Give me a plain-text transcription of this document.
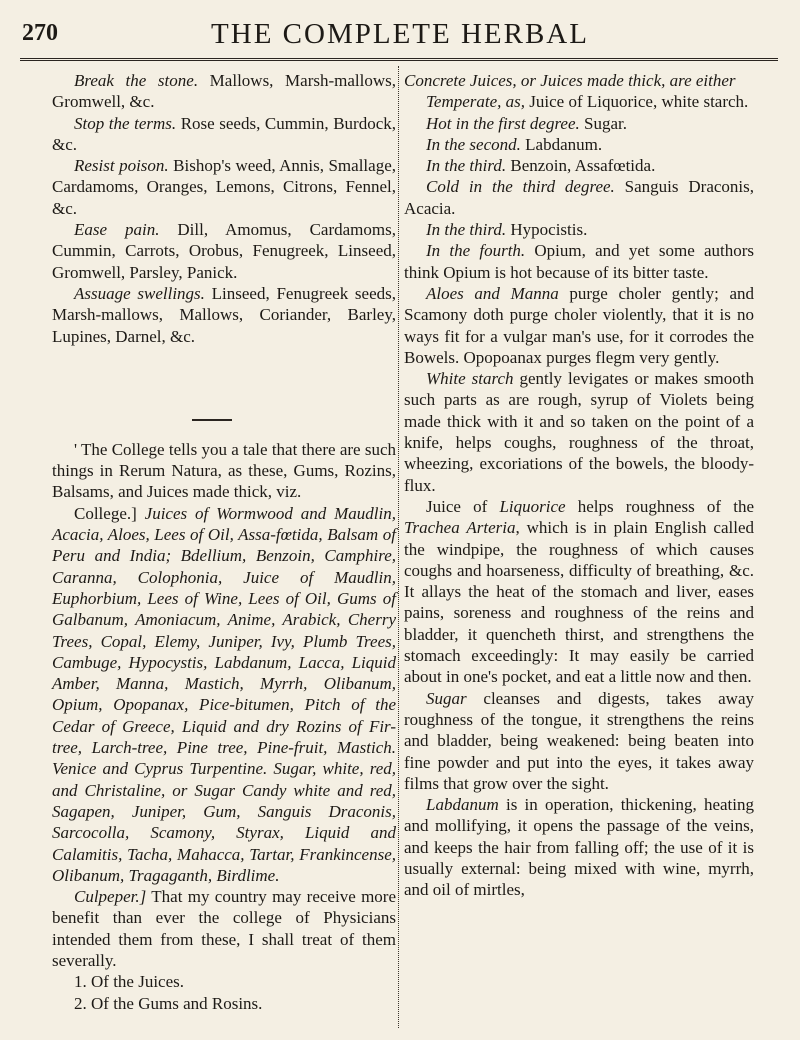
270	THE COMPLETE HERBAL

Break the stone. Mallows, Marsh-mallows, Gromwell, &c.

Stop the terms. Rose seeds, Cummin, Burdock, &c.

Resist poison. Bishop's weed, Annis, Smallage, Cardamoms, Oranges, Lemons, Citrons, Fennel, &c.

Ease pain. Dill, Amomus, Cardamoms, Cummin, Carrots, Orobus, Fenugreek, Linseed, Gromwell, Parsley, Panick.

Assuage swellings. Linseed, Fenugreek seeds, Marsh-mallows, Mallows, Coriander, Barley, Lupines, Darnel, &c.

' The College tells you a tale that there are such things in Rerum Natura, as these, Gums, Rozins, Balsams, and Juices made thick, viz.

College.] Juices of Wormwood and Maudlin, Acacia, Aloes, Lees of Oil, Assa-fœtida, Balsam of Peru and India; Bdellium, Benzoin, Camphire, Caranna, Colophonia, Juice of Maudlin, Euphorbium, Lees of Wine, Lees of Oil, Gums of Galbanum, Amoniacum, Anime, Arabick, Cherry Trees, Copal, Elemy, Juniper, Ivy, Plumb Trees, Cambuge, Hypocystis, Labdanum, Lacca, Liquid Amber, Manna, Mastich, Myrrh, Olibanum, Opium, Opopanax, Pice-bitumen, Pitch of the Cedar of Greece, Liquid and dry Rozins of Fir-tree, Larch-tree, Pine tree, Pine-fruit, Mastich. Venice and Cyprus Turpentine. Sugar, white, red, and Christaline, or Sugar Candy white and red, Sagapen, Juniper, Gum, Sanguis Draconis, Sarcocolla, Scamony, Styrax, Liquid and Calamitis, Tacha, Mahacca, Tartar, Frankincense, Olibanum, Tragaganth, Birdlime.

Culpeper.] That my country may receive more benefit than ever the college of Physicians intended them from these, I shall treat of them severally.

1. Of the Juices.

2. Of the Gums and Rosins.

Concrete Juices, or Juices made thick, are either

Temperate, as, Juice of Liquorice, white starch.

Hot in the first degree. Sugar.

In the second. Labdanum.

In the third. Benzoin, Assafœtida.

Cold in the third degree. Sanguis Draconis, Acacia.

In the third. Hypocistis.

In the fourth. Opium, and yet some authors think Opium is hot because of its bitter taste.

Aloes and Manna purge choler gently; and Scamony doth purge choler violently, that it is no ways fit for a vulgar man's use, for it corrodes the Bowels. Opopoanax purges flegm very gently.

White starch gently levigates or makes smooth such parts as are rough, syrup of Violets being made thick with it and so taken on the point of a knife, helps coughs, roughness of the throat, wheezing, excoriations of the bowels, the bloody-flux.

Juice of Liquorice helps roughness of the Trachea Arteria, which is in plain English called the windpipe, the roughness of which causes coughs and hoarseness, difficulty of breathing, &c. It allays the heat of the stomach and liver, eases pains, soreness and roughness of the reins and bladder, it quencheth thirst, and strengthens the stomach exceedingly: It may easily be carried about in one's pocket, and eat a little now and then.

Sugar cleanses and digests, takes away roughness of the tongue, it strengthens the reins and bladder, being weakened: being beaten into fine powder and put into the eyes, it takes away films that grow over the sight.

Labdanum is in operation, thickening, heating and mollifying, it opens the passage of the veins, and keeps the hair from falling off; the use of it is usually external: being mixed with wine, myrrh, and oil of mirtles,
